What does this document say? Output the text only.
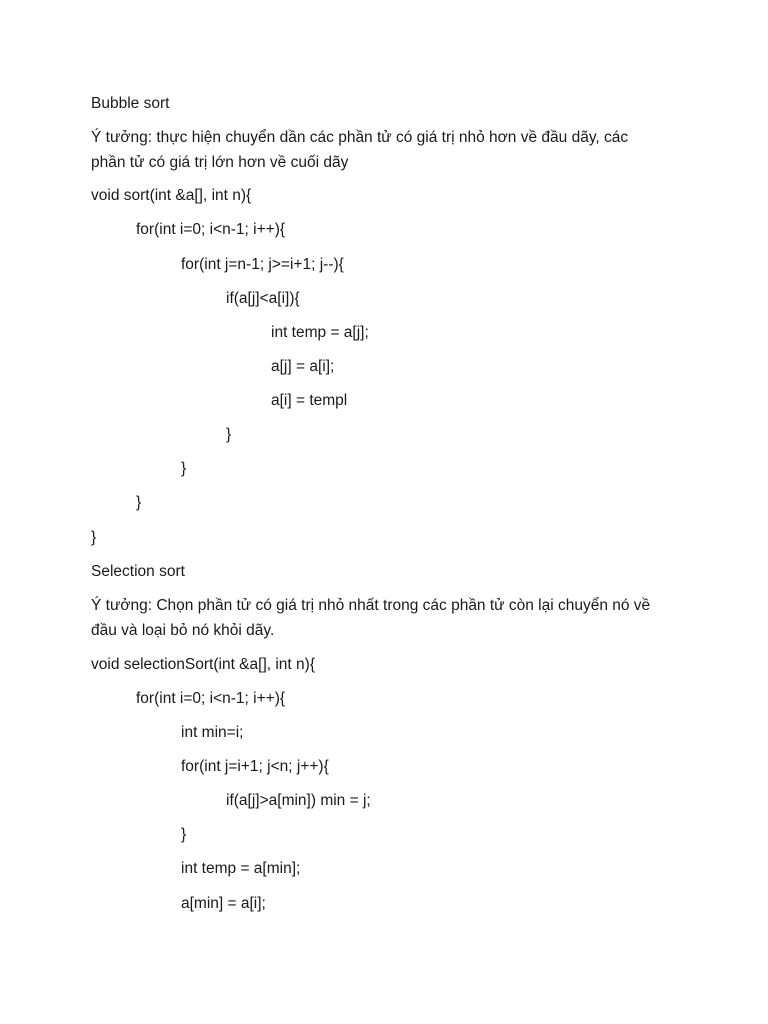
Bubble sort
Ý tưởng: thực hiện chuyển dần các phần tử có giá trị nhỏ hơn về đầu dãy, các
phần tử có giá trị lớn hơn về cuối dãy
void sort(int &a[], int n){
for(int i=0; i<n-1; i++){
for(int j=n-1; j>=i+1; j--){
if(a[j]<a[i]){
int temp = a[j];
a[j] = a[i];
a[i] = templ
}
}
}
}
Selection sort
Ý tưởng: Chọn phần tử có giá trị nhỏ nhất trong các phần tử còn lại chuyển nó về
đầu và loại bỏ nó khỏi dãy.
void selectionSort(int &a[], int n){
for(int i=0; i<n-1; i++){
int min=i;
for(int j=i+1; j<n; j++){
if(a[j]>a[min]) min = j;
}
int temp = a[min];
a[min] = a[i];
